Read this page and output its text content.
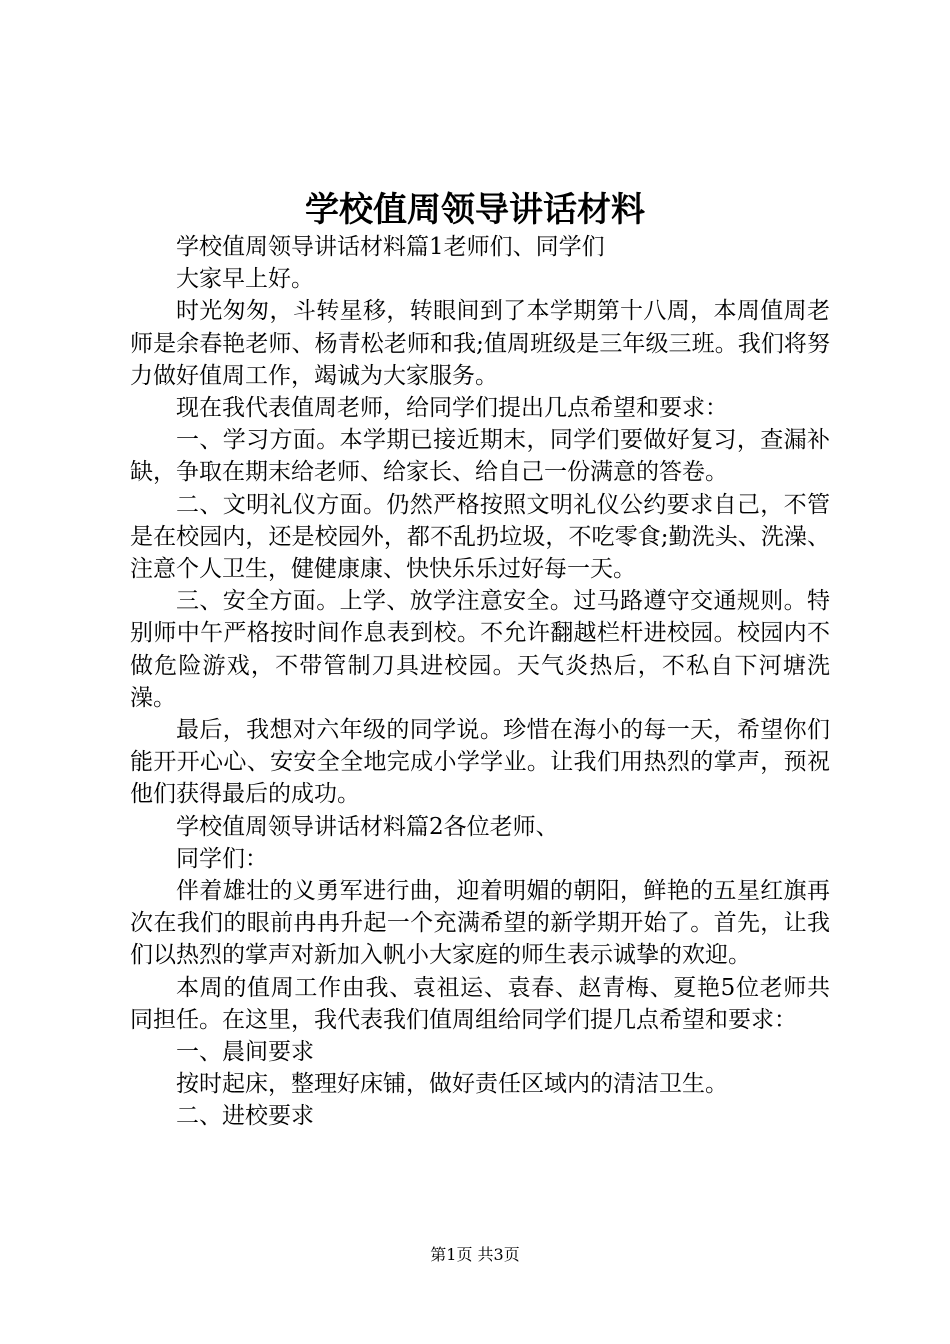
学校值周领导讲话材料

学校值周领导讲话材料篇1老师们、同学们

大家早上好。

时光匆匆，斗转星移，转眼间到了本学期第十八周，本周值周老师是余春艳老师、杨青松老师和我;值周班级是三年级三班。我们将努力做好值周工作，竭诚为大家服务。

现在我代表值周老师，给同学们提出几点希望和要求：

一、学习方面。本学期已接近期末，同学们要做好复习，查漏补缺，争取在期末给老师、给家长、给自己一份满意的答卷。

二、文明礼仪方面。仍然严格按照文明礼仪公约要求自己，不管是在校园内，还是校园外，都不乱扔垃圾，不吃零食;勤洗头、洗澡、注意个人卫生，健健康康、快快乐乐过好每一天。

三、安全方面。上学、放学注意安全。过马路遵守交通规则。特别师中午严格按时间作息表到校。不允许翻越栏杆进校园。校园内不做危险游戏，不带管制刀具进校园。天气炎热后，不私自下河塘洗澡。

最后，我想对六年级的同学说。珍惜在海小的每一天，希望你们能开开心心、安安全全地完成小学学业。让我们用热烈的掌声，预祝他们获得最后的成功。

学校值周领导讲话材料篇2各位老师、

同学们：

伴着雄壮的义勇军进行曲，迎着明媚的朝阳，鲜艳的五星红旗再次在我们的眼前冉冉升起一个充满希望的新学期开始了。首先，让我们以热烈的掌声对新加入帆小大家庭的师生表示诚挚的欢迎。

本周的值周工作由我、袁祖运、袁春、赵青梅、夏艳5位老师共同担任。在这里，我代表我们值周组给同学们提几点希望和要求：

一、晨间要求

按时起床，整理好床铺，做好责任区域内的清洁卫生。

二、进校要求

第1页 共3页
